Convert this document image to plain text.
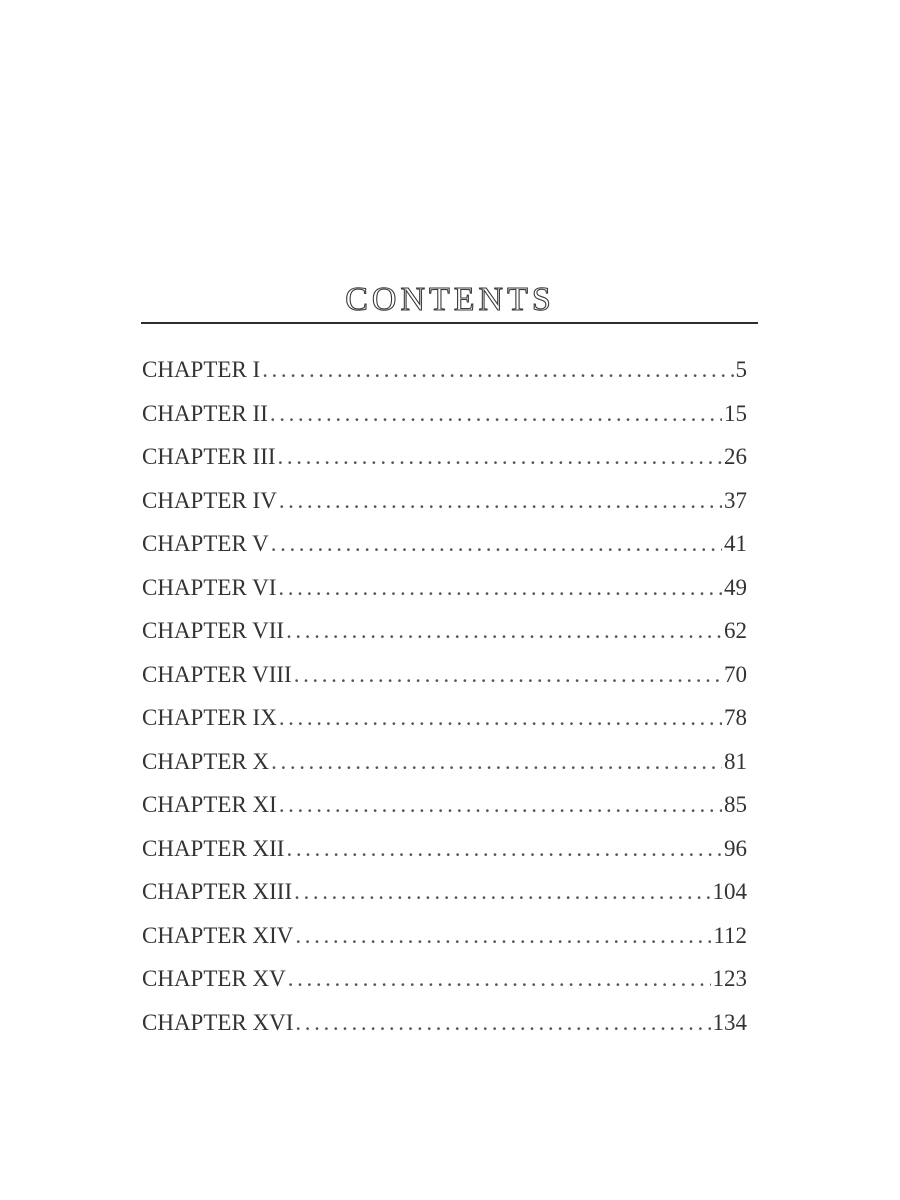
CONTENTS
CHAPTER I .....	5
CHAPTER II .....	15
CHAPTER III .....	26
CHAPTER IV .....	37
CHAPTER V .....	41
CHAPTER VI .....	49
CHAPTER VII .....	62
CHAPTER VIII .....	70
CHAPTER IX .....	78
CHAPTER X .....	81
CHAPTER XI .....	85
CHAPTER XII .....	96
CHAPTER XIII .....	104
CHAPTER XIV .....	112
CHAPTER XV .....	123
CHAPTER XVI .....	134
